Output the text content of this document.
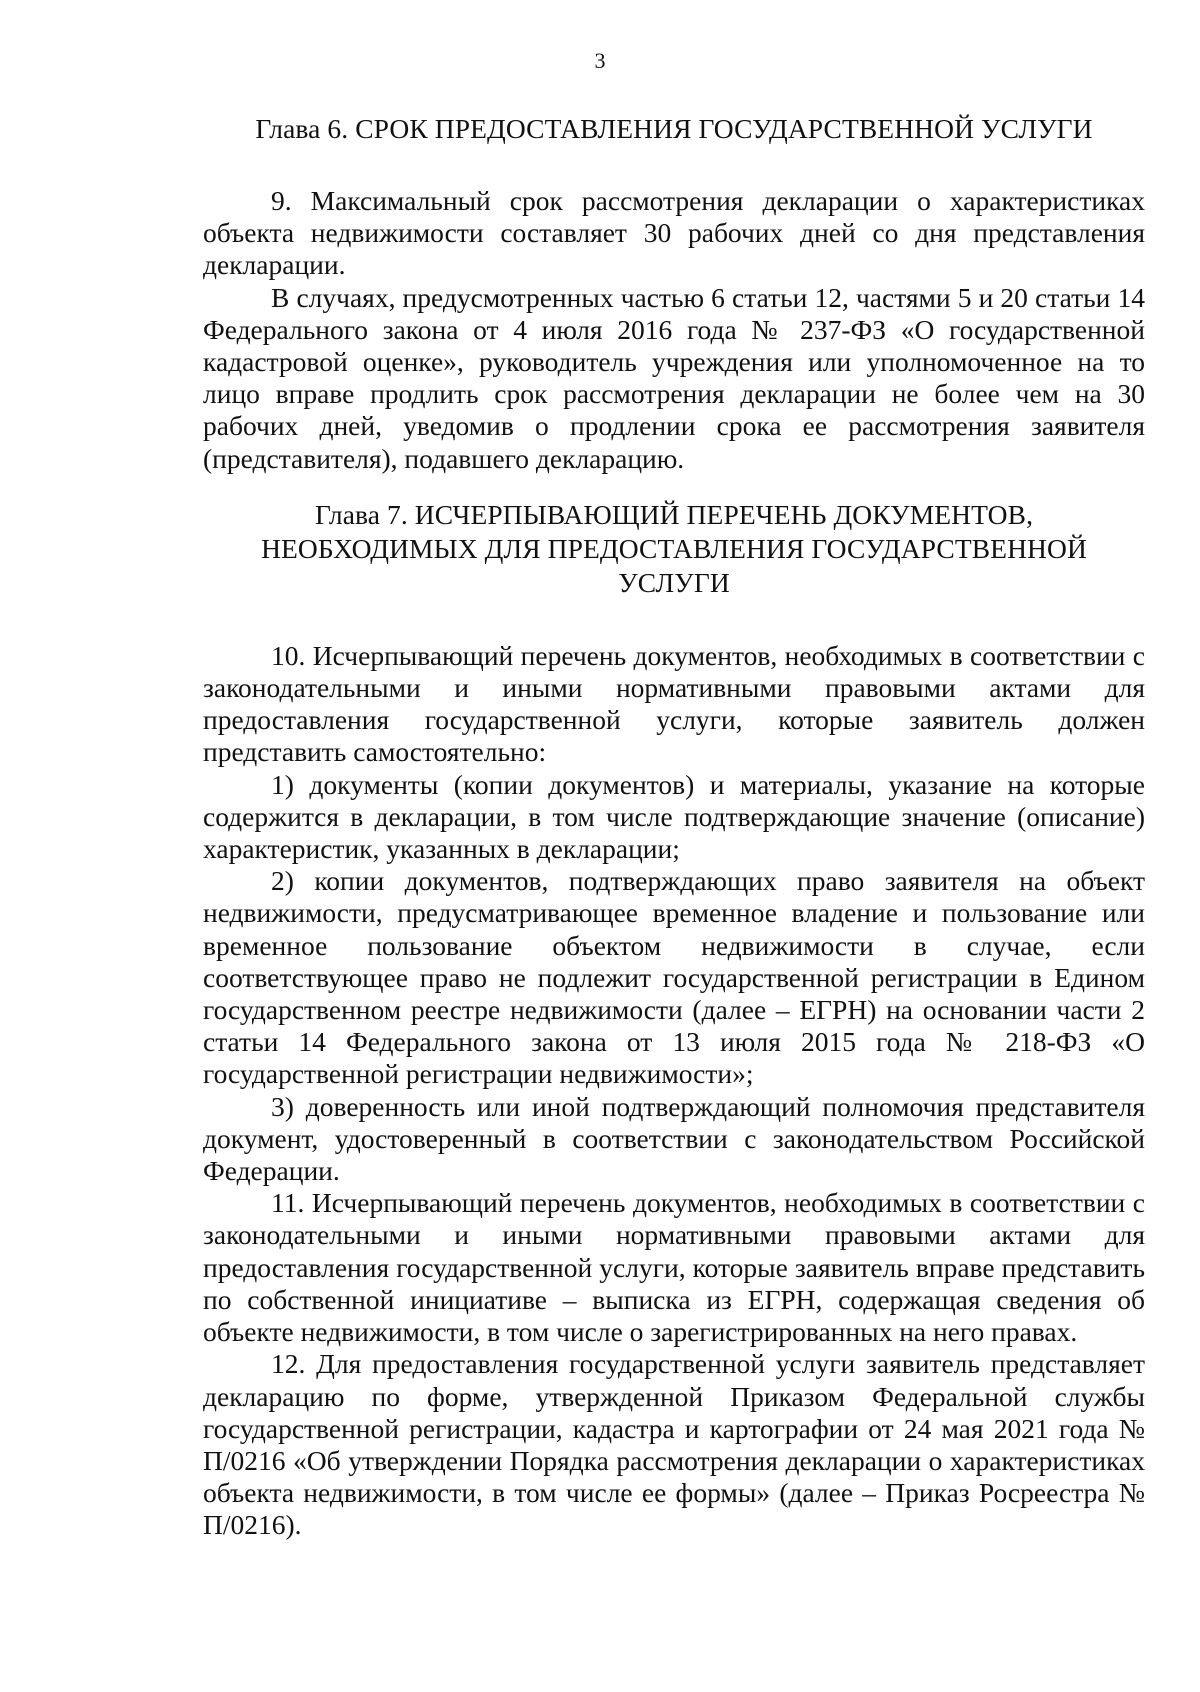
3
Глава 6. СРОК ПРЕДОСТАВЛЕНИЯ ГОСУДАРСТВЕННОЙ УСЛУГИ

9. Максимальный срок рассмотрения декларации о характеристиках объекта недвижимости составляет 30 рабочих дней со дня представления декларации.

В случаях, предусмотренных частью 6 статьи 12, частями 5 и 20 статьи 14 Федерального закона от 4 июля 2016 года № 237-ФЗ «О государственной кадастровой оценке», руководитель учреждения или уполномоченное на то лицо вправе продлить срок рассмотрения декларации не более чем на 30 рабочих дней, уведомив о продлении срока ее рассмотрения заявителя (представителя), подавшего декларацию.

Глава 7. ИСЧЕРПЫВАЮЩИЙ ПЕРЕЧЕНЬ ДОКУМЕНТОВ,
НЕОБХОДИМЫХ ДЛЯ ПРЕДОСТАВЛЕНИЯ ГОСУДАРСТВЕННОЙ
УСЛУГИ

10. Исчерпывающий перечень документов, необходимых в соответствии с законодательными и иными нормативными правовыми актами для предоставления государственной услуги, которые заявитель должен представить самостоятельно:

1) документы (копии документов) и материалы, указание на которые содержится в декларации, в том числе подтверждающие значение (описание) характеристик, указанных в декларации;

2) копии документов, подтверждающих право заявителя на объект недвижимости, предусматривающее временное владение и пользование или временное пользование объектом недвижимости в случае, если соответствующее право не подлежит государственной регистрации в Едином государственном реестре недвижимости (далее – ЕГРН) на основании части 2 статьи 14 Федерального закона от 13 июля 2015 года № 218-ФЗ «О государственной регистрации недвижимости»;

3) доверенность или иной подтверждающий полномочия представителя документ, удостоверенный в соответствии с законодательством Российской Федерации.

11. Исчерпывающий перечень документов, необходимых в соответствии с законодательными и иными нормативными правовыми актами для предоставления государственной услуги, которые заявитель вправе представить по собственной инициативе – выписка из ЕГРН, содержащая сведения об объекте недвижимости, в том числе о зарегистрированных на него правах.

12. Для предоставления государственной услуги заявитель представляет декларацию по форме, утвержденной Приказом Федеральной службы государственной регистрации, кадастра и картографии от 24 мая 2021 года № П/0216 «Об утверждении Порядка рассмотрения декларации о характеристиках объекта недвижимости, в том числе ее формы» (далее – Приказ Росреестра № П/0216).
